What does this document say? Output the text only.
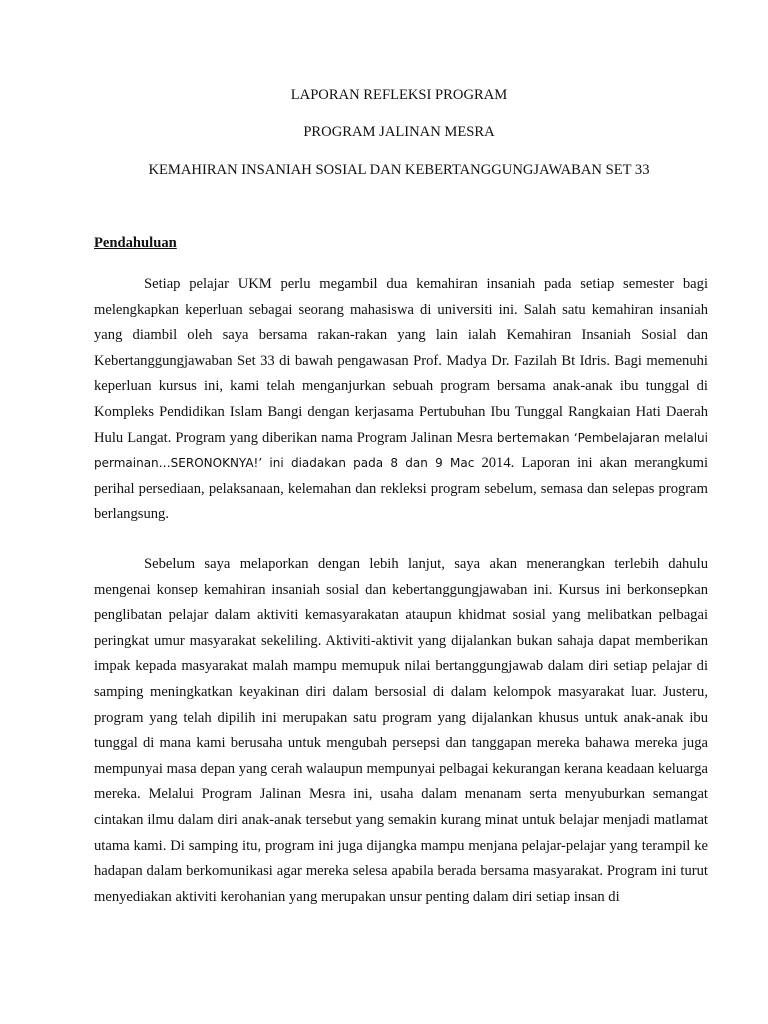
LAPORAN REFLEKSI PROGRAM
PROGRAM JALINAN MESRA
KEMAHIRAN INSANIAH SOSIAL DAN KEBERTANGGUNGJAWABAN SET 33
Pendahuluan

Setiap pelajar UKM perlu megambil dua kemahiran insaniah pada setiap semester bagi melengkapkan keperluan sebagai seorang mahasiswa di universiti ini. Salah satu kemahiran insaniah yang diambil oleh saya bersama rakan-rakan yang lain ialah Kemahiran Insaniah Sosial dan Kebertanggungjawaban Set 33 di bawah pengawasan Prof. Madya Dr. Fazilah Bt Idris. Bagi memenuhi keperluan kursus ini, kami telah menganjurkan sebuah program bersama anak-anak ibu tunggal di Kompleks Pendidikan Islam Bangi dengan kerjasama Pertubuhan Ibu Tunggal Rangkaian Hati Daerah Hulu Langat. Program yang diberikan nama Program Jalinan Mesra bertemakan ‘Pembelajaran melalui permainan…SERONOKNYA!’ ini diadakan pada 8 dan 9 Mac 2014. Laporan ini akan merangkumi perihal persediaan, pelaksanaan, kelemahan dan rekleksi program sebelum, semasa dan selepas program berlangsung.

Sebelum saya melaporkan dengan lebih lanjut, saya akan menerangkan terlebih dahulu mengenai konsep kemahiran insaniah sosial dan kebertanggungjawaban ini. Kursus ini berkonsepkan penglibatan pelajar dalam aktiviti kemasyarakatan ataupun khidmat sosial yang melibatkan pelbagai peringkat umur masyarakat sekeliling. Aktiviti-aktivit yang dijalankan bukan sahaja dapat memberikan impak kepada masyarakat malah mampu memupuk nilai bertanggungjawab dalam diri setiap pelajar di samping meningkatkan keyakinan diri dalam bersosial di dalam kelompok masyarakat luar. Justeru, program yang telah dipilih ini merupakan satu program yang dijalankan khusus untuk anak-anak ibu tunggal di mana kami berusaha untuk mengubah persepsi dan tanggapan mereka bahawa mereka juga mempunyai masa depan yang cerah walaupun mempunyai pelbagai kekurangan kerana keadaan keluarga mereka. Melalui Program Jalinan Mesra ini, usaha dalam menanam serta menyuburkan semangat cintakan ilmu dalam diri anak-anak tersebut yang semakin kurang minat untuk belajar menjadi matlamat utama kami. Di samping itu, program ini juga dijangka mampu menjana pelajar-pelajar yang terampil ke hadapan dalam berkomunikasi agar mereka selesa apabila berada bersama masyarakat. Program ini turut menyediakan aktiviti kerohanian yang merupakan unsur penting dalam diri setiap insan di
